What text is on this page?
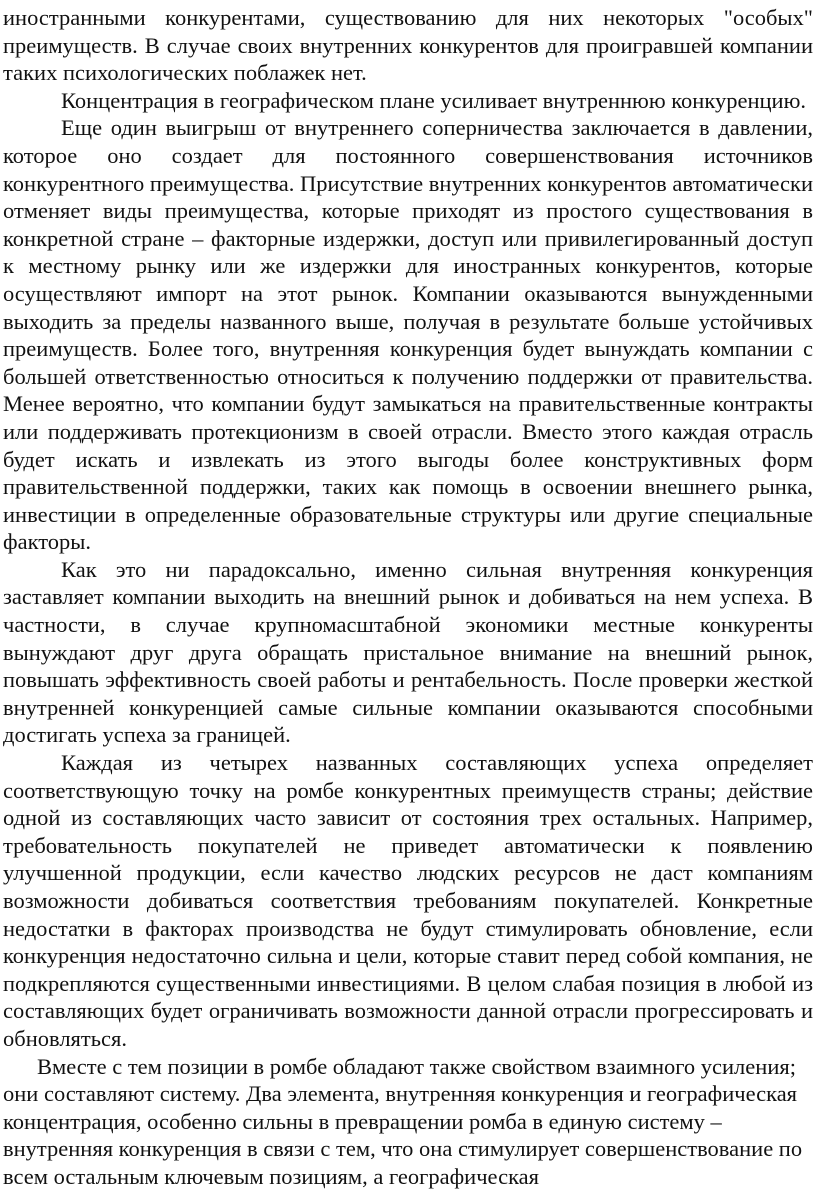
иностранными конкурентами, существованию для них некоторых "особых" преимуществ. В случае своих внутренних конкурентов для проигравшей компании таких психологических поблажек нет.

Концентрация в географическом плане усиливает внутреннюю конкуренцию.

Еще один выигрыш от внутреннего соперничества заключается в давлении, которое оно создает для постоянного совершенствования источников конкурентного преимущества. Присутствие внутренних конкурентов автоматически отменяет виды преимущества, которые приходят из простого существования в конкретной стране – факторные издержки, доступ или привилегированный доступ к местному рынку или же издержки для иностранных конкурентов, которые осуществляют импорт на этот рынок. Компании оказываются вынужденными выходить за пределы названного выше, получая в результате больше устойчивых преимуществ. Более того, внутренняя конкуренция будет вынуждать компании с большей ответственностью относиться к получению поддержки от правительства. Менее вероятно, что компании будут замыкаться на правительственные контракты или поддерживать протекционизм в своей отрасли. Вместо этого каждая отрасль будет искать и извлекать из этого выгоды более конструктивных форм правительственной поддержки, таких как помощь в освоении внешнего рынка, инвестиции в определенные образовательные структуры или другие специальные факторы.

Как это ни парадоксально, именно сильная внутренняя конкуренция заставляет компании выходить на внешний рынок и добиваться на нем успеха. В частности, в случае крупномасштабной экономики местные конкуренты вынуждают друг друга обращать пристальное внимание на внешний рынок, повышать эффективность своей работы и рентабельность. После проверки жесткой внутренней конкуренцией самые сильные компании оказываются способными достигать успеха за границей.

Каждая из четырех названных составляющих успеха определяет соответствующую точку на ромбе конкурентных преимуществ страны; действие одной из составляющих часто зависит от состояния трех остальных. Например, требовательность покупателей не приведет автоматически к появлению улучшенной продукции, если качество людских ресурсов не даст компаниям возможности добиваться соответствия требованиям покупателей. Конкретные недостатки в факторах производства не будут стимулировать обновление, если конкуренция недостаточно сильна и цели, которые ставит перед собой компания, не подкрепляются существенными инвестициями. В целом слабая позиция в любой из составляющих будет ограничивать возможности данной отрасли прогрессировать и обновляться.

Вместе с тем позиции в ромбе обладают также свойством взаимного усиления; они составляют систему. Два элемента, внутренняя конкуренция и географическая концентрация, особенно сильны в превращении ромба в единую систему – внутренняя конкуренция в связи с тем, что она стимулирует совершенствование по всем остальным ключевым позициям, а географическая
